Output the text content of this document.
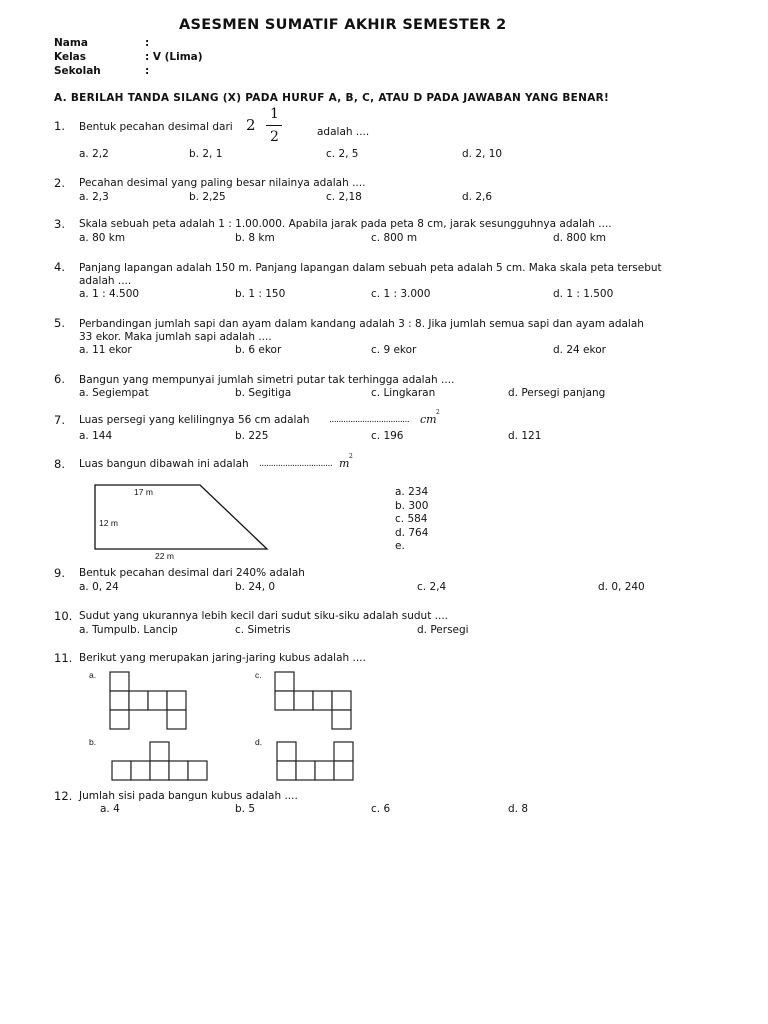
ASESMEN SUMATIF AKHIR SEMESTER 2
Nama	:
Kelas	: V (Lima)
Sekolah	:
A. BERILAH TANDA SILANG (X) PADA HURUF A, B, C, ATAU D PADA JAWABAN YANG BENAR!
1. Bentuk pecahan desimal dari 2
1
2	adalah ....
a. 2,2	b. 2, 1	c. 2, 5	d. 2, 10
2. Pecahan desimal yang paling besar nilainya adalah ....
a. 2,3	b. 2,25	c. 2,18	d. 2,6
3. Skala sebuah peta adalah 1 : 1.00.000. Apabila jarak pada peta 8 cm, jarak sesungguhnya adalah ....
a. 80 km	b. 8 km	c. 800 m	d. 800 km
4. Panjang lapangan adalah 150 m. Panjang lapangan dalam sebuah peta adalah 5 cm. Maka skala peta tersebut
adalah ....
a. 1 : 4.500	b. 1 : 150	c. 1 : 3.000	d. 1 : 1.500
5. Perbandingan jumlah sapi dan ayam dalam kandang adalah 3 : 8. Jika jumlah semua sapi dan ayam adalah
33 ekor. Maka jumlah sapi adalah ....
a. 11 ekor	b. 6 ekor	c. 9 ekor	d. 24 ekor
6. Bangun yang mempunyai jumlah simetri putar tak terhingga adalah ....
a. Segiempat	b. Segitiga	c. Lingkaran	d. Persegi panjang
7. Luas persegi yang kelilingnya 56 cm adalah .................................. cm
2
a. 144	b. 225	c. 196	d. 121
8. Luas bangun dibawah ini adalah ............................... m
2
17 m
12 m
22 m
a. 234
b. 300
c. 584
d. 764
e.
9. Bentuk pecahan desimal dari 240% adalah
a. 0, 24	b. 24, 0	c. 2,4	d. 0, 240
10. Sudut yang ukurannya lebih kecil dari sudut siku-siku adalah sudut ....
a. Tumpulb. Lancip	c. Simetris	d. Persegi
11. Berikut yang merupakan jaring-jaring kubus adalah ....
a.	c.
b.	d.
12. Jumlah sisi pada bangun kubus adalah ....
a. 4	b. 5	c. 6	d. 8
